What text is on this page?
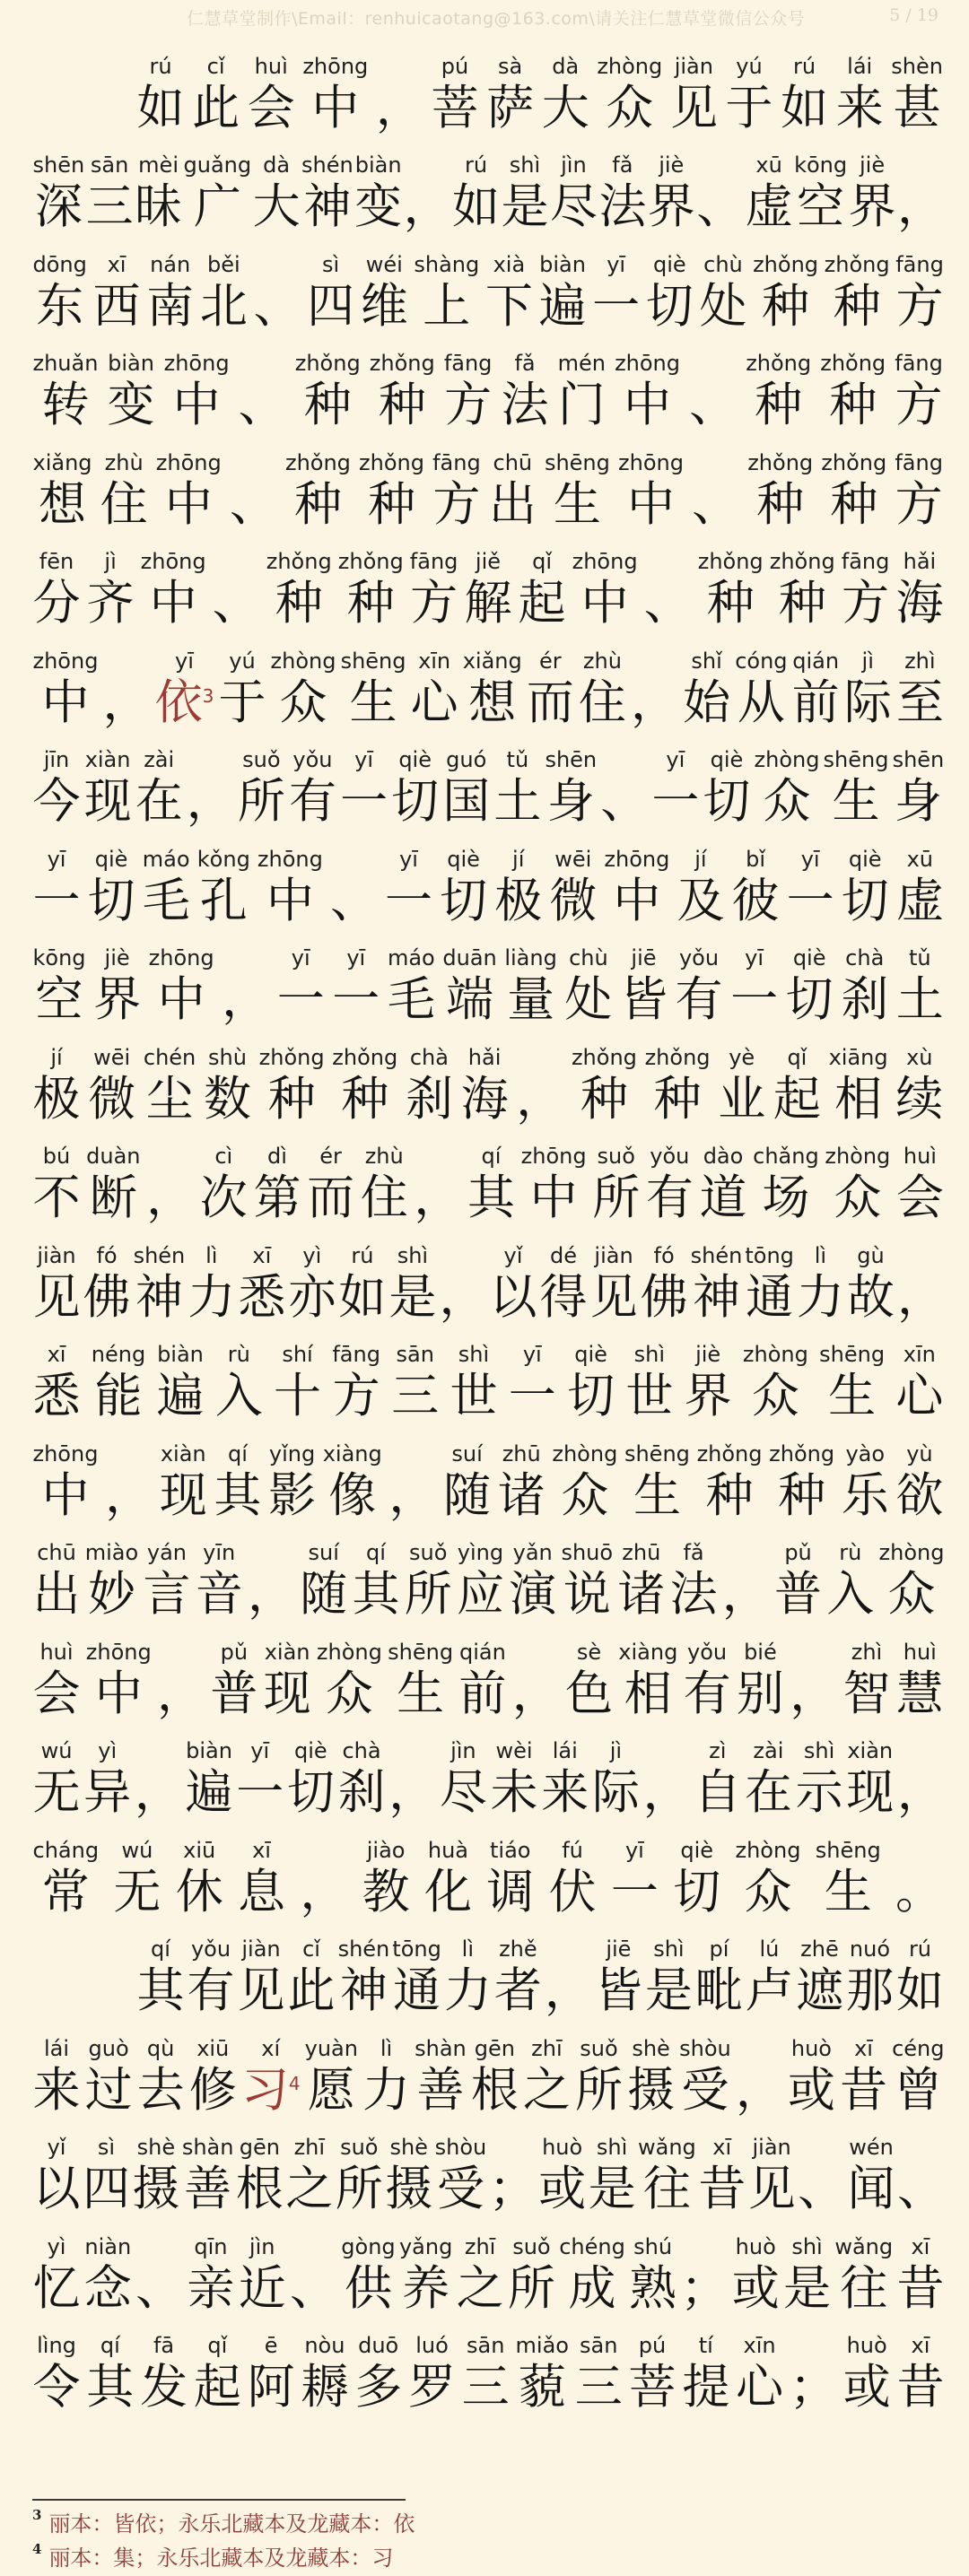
仁慧草堂制作\Email：renhuicaotang@163.com\请关注仁慧草堂微信公众号	5 / 19
rú
如
cǐ
此
huì
会
zhōng
中
，
pú
菩
sà
萨
dà
大
zhòng
众
jiàn
见
yú
于
rú
如
lái
来
shèn
甚
shēn
深
sān
三
mèi
昧
guǎng
广
dà
大
shén
神
biàn
变
，
rú
如
shì
是
jìn
尽
fǎ
法
jiè
界
、
xū
虚
kōng
空
jiè
界
，
dōng
东
xī
西
nán
南
běi
北
、
sì
四
wéi
维
shàng
上
xià
下
biàn
遍
yī
一
qiè
切
chù
处
zhǒng
种
zhǒng
种
fāng
方
zhuǎn
转
biàn
变
zhōng
中
、
zhǒng
种
zhǒng
种
fāng
方
fǎ
法
mén
门
zhōng
中
、
zhǒng
种
zhǒng
种
fāng
方
xiǎng
想
zhù
住
zhōng
中
、
zhǒng
种
zhǒng
种
fāng
方
chū
出
shēng
生
zhōng
中
、
zhǒng
种
zhǒng
种
fāng
方
fēn
分
jì
齐
zhōng
中
、
zhǒng
种
zhǒng
种
fāng
方
jiě
解
qǐ
起
zhōng
中
、
zhǒng
种
zhǒng
种
fāng
方
hǎi
海
zhōng
中
，
yī
依$^3$
yú
于
zhòng
众
shēng
生
xīn
心
xiǎng
想
ér
而
zhù
住
，
shǐ
始
cóng
从
qián
前
jì
际
zhì
至
jīn
今
xiàn
现
zài
在
，
suǒ
所
yǒu
有
yī
一
qiè
切
guó
国
tǔ
土
shēn
身
、
yī
一
qiè
切
zhòng
众
shēng
生
shēn
身
yī
一
qiè
切
máo
毛
kǒng
孔
zhōng
中
、
yī
一
qiè
切
jí
极
wēi
微
zhōng
中
jí
及
bǐ
彼
yī
一
qiè
切
xū
虚
kōng
空
jiè
界
zhōng
中
，
yī
一
yī
一
máo
毛
duān
端
liàng
量
chù
处
jiē
皆
yǒu
有
yī
一
qiè
切
chà
刹
tǔ
土
jí
极
wēi
微
chén
尘
shù
数
zhǒng
种
zhǒng
种
chà
刹
hǎi
海
，
zhǒng
种
zhǒng
种
yè
业
qǐ
起
xiāng
相
xù
续
bú
不
duàn
断
，
cì
次
dì
第
ér
而
zhù
住
，
qí
其
zhōng
中
suǒ
所
yǒu
有
dào
道
chǎng
场
zhòng
众
huì
会
jiàn
见
fó
佛
shén
神
lì
力
xī
悉
yì
亦
rú
如
shì
是
，
yǐ
以
dé
得
jiàn
见
fó
佛
shén
神
tōng
通
lì
力
gù
故
，
xī
悉
néng
能
biàn
遍
rù
入
shí
十
fāng
方
sān
三
shì
世
yī
一
qiè
切
shì
世
jiè
界
zhòng
众
shēng
生
xīn
心
zhōng
中
，
xiàn
现
qí
其
yǐng
影
xiàng
像
，
suí
随
zhū
诸
zhòng
众
shēng
生
zhǒng
种
zhǒng
种
yào
乐
yù
欲
chū
出
miào
妙
yán
言
yīn
音
，
suí
随
qí
其
suǒ
所
yìng
应
yǎn
演
shuō
说
zhū
诸
fǎ
法
，
pǔ
普
rù
入
zhòng
众
huì
会
zhōng
中
，
pǔ
普
xiàn
现
zhòng
众
shēng
生
qián
前
，
sè
色
xiàng
相
yǒu
有
bié
别
，
zhì
智
huì
慧
wú
无
yì
异
，
biàn
遍
yī
一
qiè
切
chà
刹
，
jìn
尽
wèi
未
lái
来
jì
际
，
zì
自
zài
在
shì
示
xiàn
现
，
cháng
常
wú
无
xiū
休
xī
息
，
jiào
教
huà
化
tiáo
调
fú
伏
yī
一
qiè
切
zhòng
众
shēng
生
。
qí
其
yǒu
有
jiàn
见
cǐ
此
shén
神
tōng
通
lì
力
zhě
者
，
jiē
皆
shì
是
pí
毗
lú
卢
zhē
遮
nuó
那
rú
如
lái
来
guò
过
qù
去
xiū
修
xí
习$^4$
yuàn
愿
lì
力
shàn
善
gēn
根
zhī
之
suǒ
所
shè
摄
shòu
受
，
huò
或
xī
昔
céng
曾
yǐ
以
sì
四
shè
摄
shàn
善
gēn
根
zhī
之
suǒ
所
shè
摄
shòu
受
；
huò
或
shì
是
wǎng
往
xī
昔
jiàn
见
、
wén
闻
、
yì
忆
niàn
念
、
qīn
亲
jìn
近
、
gòng
供
yǎng
养
zhī
之
suǒ
所
chéng
成
shú
熟
；
huò
或
shì
是
wǎng
往
xī
昔
lìng
令
qí
其
fā
发
qǐ
起
ē
阿
nòu
耨
duō
多
luó
罗
sān
三
miǎo
藐
sān
三
pú
菩
tí
提
xīn
心
；
huò
或
xī
昔
3 丽本：皆依；永乐北藏本及龙藏本：依
4 丽本：集；永乐北藏本及龙藏本：习
